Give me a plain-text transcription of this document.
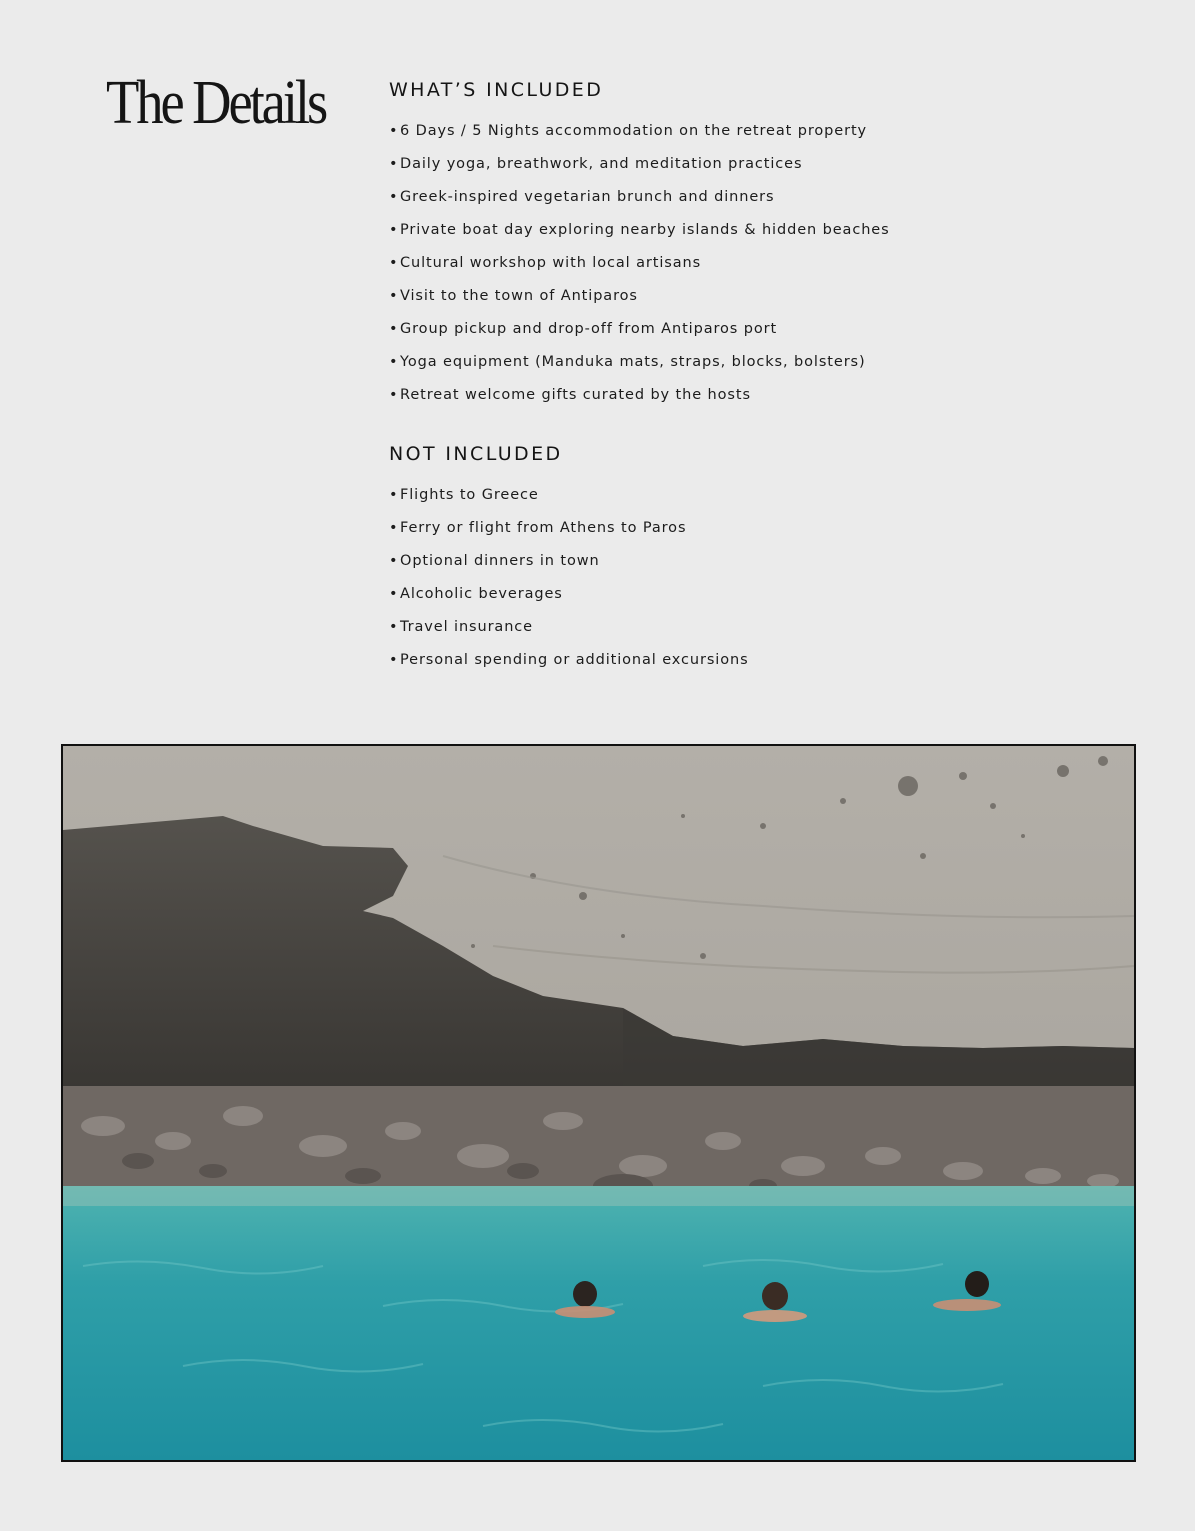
The Details	WHAT’S INCLUDED
• 6 Days / 5 Nights accommodation on the retreat property
• Daily yoga, breathwork, and meditation practices
• Greek-inspired vegetarian brunch and dinners
• Private boat day exploring nearby islands & hidden beaches
• Cultural workshop with local artisans
• Visit to the town of Antiparos
• Group pickup and drop-off from Antiparos port
• Yoga equipment (Manduka mats, straps, blocks, bolsters)
• Retreat welcome gifts curated by the hosts
NOT INCLUDED
• Flights to Greece
• Ferry or flight from Athens to Paros
• Optional dinners in town
• Alcoholic beverages
• Travel insurance
• Personal spending or additional excursions
